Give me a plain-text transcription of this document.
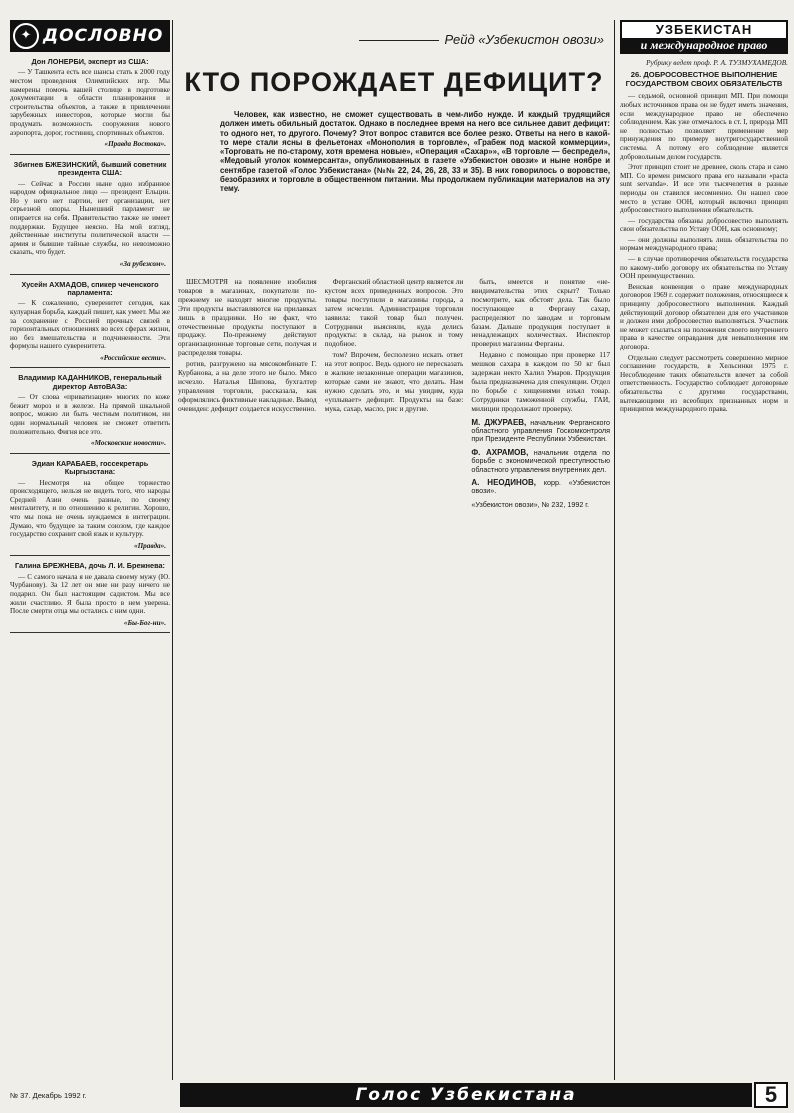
✦ ДОСЛОВНО
Дон ЛОНЕРБИ, эксперт из США:
— У Ташкента есть все шансы стать к 2000 году местом проведения Олимпийских игр. Мы намерены помочь вашей столице в подготовке документации в области планирования и строительства объектов, а также в привлечении зарубежных инвесторов, которые могли бы продумать возможность сооружения нового аэропорта, дорог, гостиниц, спортивных объектов.
«Правда Востока».
Збигнев БЖЕЗИНСКИЙ, бывший советник президента США:
— Сейчас в России ныне одно избранное народом официальное лицо — президент Ельцин. Но у него нет партии, нет организации, нет серьезной опоры. Нынешний парламент не опирается на себя. Правительство также не имеет поддержки. Будущее неясно. На мой взгляд, действенные институты политической власти — армия и бывшие тайные службы, но невозможно сказать, что будет.
«За рубежом».
Хусейн АХМАДОВ, спикер чеченского парламента:
— К сожалению, суверенитет сегодня, как кулуарная борьба, каждый пишет, как умеет. Мы же за сохранение с Россией прочных связей в горизонтальных отношениях во всех сферах жизни, но без вмешательства и подчиненности. Эти формулы нашего суверенитета.
«Российские вести».
Владимир КАДАННИКОВ, генеральный директор АвтоВАЗа:
— От слова «приватизация» многих по коже бежит мороз и в железе. На прямой шкальной вопрос, можно ли быть честным политиком, ни один нормальный человек не сможет ответить положительно. Фигня все это.
«Московские новости».
Эдиан КАРАБАЕВ, госсекретарь Кыргызстана:
— Несмотря на общее торжество происходящего, нельзя не видеть того, что народы Средней Азии очень разные, по своему менталитету, и по отношению к религии. Хорошо, что мы пока не очень нуждаемся в интеграции. Думаю, что будущее за таким союзом, где каждое государство сохранит свой язык и культуру.
«Правда».
Галина БРЕЖНЕВА, дочь Л. И. Брежнева:
— С самого начала я не давала своему мужу (Ю. Чурбанову). За 12 лет он мне ни разу ничего не подарил. Он был настоящим садистом. Мы все жили счастливо. Я была просто в нем уверена. После смерти отца мы остались с ним одни.
«Бы-Бог-ни».
Рейд «Узбекистон овози»
КТО ПОРОЖДАЕТ ДЕФИЦИТ?
Человек, как известно, не сможет существовать в чем-либо нужде. И каждый трудящийся должен иметь обильный достаток. Однако в последнее время на него все сильнее давит дефицит: то одного нет, то другого. Почему? Этот вопрос ставится все более резко. Ответы на него в какой-то мере стали ясны в фельетонах «Монополия в торговле», «Грабеж под маской коммерции», «Торговать не по-старому, хотя времена новые», «Операция «Сахар»», «В торговле — беспредел», «Медовый уголок коммерсанта», опубликованных в газете «Узбекистон овози» и ныне ноябре и сентябре газетой «Голос Узбекистана» (№№ 22, 24, 26, 28, 33 и 35). В них говорилось о воровстве, безобразиях и торговле в общественном питании. Мы продолжаем публикации материалов на эту тему.

ШЕСМОТРЯ на появление изобилия товаров в магазинах, покупатели по-прежнему не находят многие продукты. Эти продукты выставляются на прилавках лишь в праздники. Но не факт, что отечественные продукты поступают в продажу. По-прежнему действуют организационные торговые сети, получая и распределяя товары.

ротив, разгружено на мясокомбинате Г. Курбанова, а на деле этого не было. Мясо исчезло. Наталья Шипова, бухгалтер управления торговли, рассказала, как оформлялись фиктивные накладные. Вывод очевиден: дефицит создается искусственно.

Ферганский областной центр является ли кустом всех приведенных вопросов. Это товары поступили в магазины города, а затем исчезли. Администрация торговли заявила: такой товар был получен. Сотрудники выясняли, куда делись продукты: в склад, на рынок и тому подобное.

том? Впрочем, бесполезно искать ответ на этот вопрос. Ведь одного не пересказать в жалкие незаконные операции магазинов, которые сами не знают, что делать. Нам нужно сделать это, и мы увидим, куда «уплывает» дефицит. Продукты на базе: мука, сахар, масло, рис и другие.

быть, имеется и понятие «не-ввидимательства этих скрыт? Только посмотрите, как обстоят дела. Так было поступающее в Фергану сахар, распределяют по заводам и торговым базам. Дальше продукция поступает в ненадлежащих количествах. Инспектор проверил магазины Ферганы.

Недавно с помощью при проверке 117 мешков сахара в каждом по 50 кг был задержан некто Халил Умаров. Продукция была предназначена для спекуляции. Отдел по борьбе с хищениями изъял товар. Сотрудники таможенной службы, ГАИ, милиции продолжают проверку.

М. ДЖУРАЕВ, начальник Ферганского областного управления Госкомконтроля при Президенте Республики Узбекистан.
Ф. АХРАМОВ, начальник отдела по борьбе с экономической преступностью областного управления внутренних дел.
А. НЕОДИНОВ, корр. «Узбекистон овози».
«Узбекистон овози», № 232, 1992 г.
УЗБЕКИСТАН
и международное право
Рубрику ведет проф. Р. А. ТУЗМУХАМЕДОВ.
26. ДОБРОСОВЕСТНОЕ ВЫПОЛНЕНИЕ ГОСУДАРСТВОМ СВОИХ ОБЯЗАТЕЛЬСТВ

— седьмой, основной принцип МП. При помощи любых источников права он не будет иметь значения, если международное право не обеспечено соблюдением. Как уже отмечалось в ст. I, природа МП не полностью позволяет применение мер принуждения по примеру внутригосударственной системы. А потому его соблюдение является добровольным делом государств.

Этот принцип стоит не древнее, сколь стара и само МП. Со времен римского права его называли «pacta sunt servanda». И все эти тысячелетия в разные периоды он ставился несомненно. Он нашел свое место в уставе ООН, который включил принцип добросовестного выполнения обязательств.

— государства обязаны добросовестно выполнять свои обязательства по Уставу ООН, как основному;

— они должны выполнять лишь обязательства по нормам международного права;

— в случае противоречия обязательств государства по какому-либо договору их обязательства по Уставу ООН преимущественно.

Венская конвенция о праве международных договоров 1969 г. содержит положения, относящиеся к принципу добросовестного выполнения. Каждый действующий договор обязателен для его участников и должен ими добросовестно выполняться. Участник не может ссылаться на положения своего внутреннего права в качестве оправдания для невыполнения им договора.

Отдельно следует рассмотреть совершенно мирное соглашение государств, в Хельсинки 1975 г. Несоблюдение таких обязательств влечет за собой ответственность. Государство соблюдает договорные обязательства с другими государствами, вытекающими из всеобщих признанных норм и принципов международного права.

№ 37. Декабрь 1992 г.	Голос Узбекистана	5
